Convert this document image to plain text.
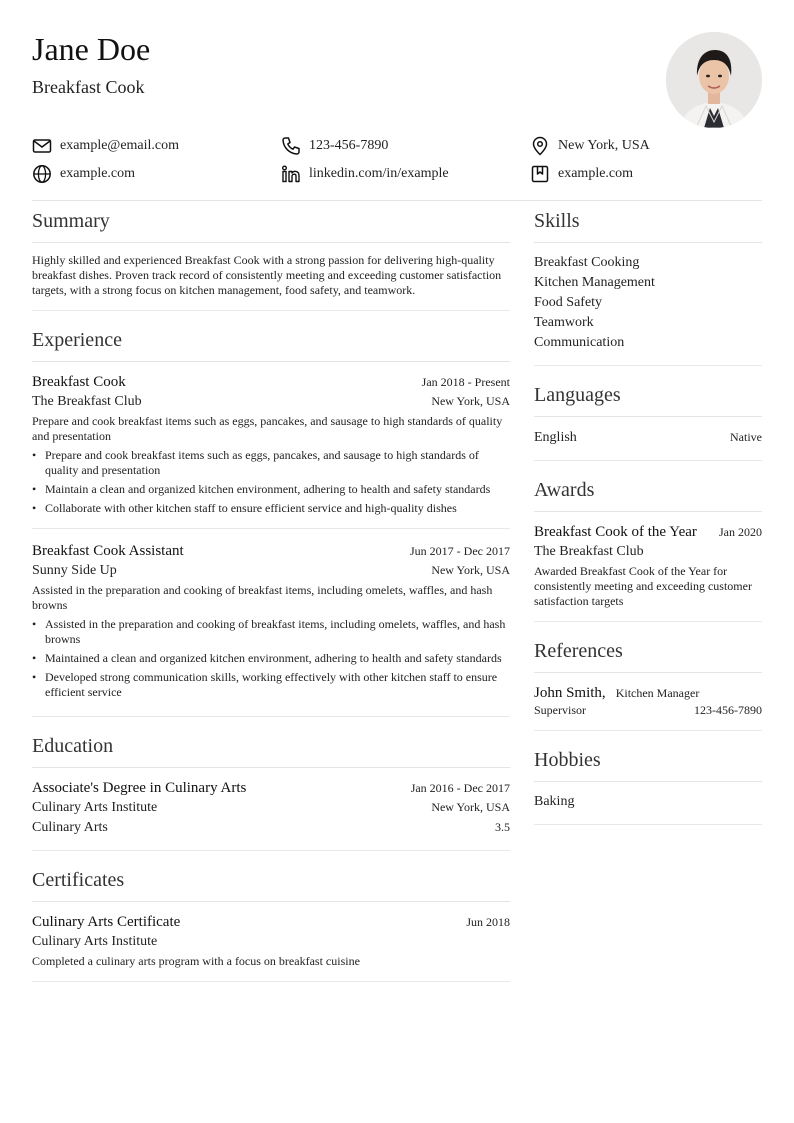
Jane Doe
Breakfast Cook
example@email.com	123-456-7890	New York, USA
example.com	linkedin.com/in/example	example.com
Summary
Highly skilled and experienced Breakfast Cook with a strong passion for delivering high-quality breakfast dishes. Proven track record of consistently meeting and exceeding customer satisfaction targets, with a strong focus on kitchen management, food safety, and teamwork.
Experience
Breakfast Cook	Jan 2018 - Present
The Breakfast Club	New York, USA
Prepare and cook breakfast items such as eggs, pancakes, and sausage to high standards of quality and presentation
• Prepare and cook breakfast items such as eggs, pancakes, and sausage to high standards of quality and presentation
• Maintain a clean and organized kitchen environment, adhering to health and safety standards
• Collaborate with other kitchen staff to ensure efficient service and high-quality dishes
Breakfast Cook Assistant	Jun 2017 - Dec 2017
Sunny Side Up	New York, USA
Assisted in the preparation and cooking of breakfast items, including omelets, waffles, and hash browns
• Assisted in the preparation and cooking of breakfast items, including omelets, waffles, and hash browns
• Maintained a clean and organized kitchen environment, adhering to health and safety standards
• Developed strong communication skills, working effectively with other kitchen staff to ensure efficient service
Education
Associate's Degree in Culinary Arts	Jan 2016 - Dec 2017
Culinary Arts Institute	New York, USA
Culinary Arts	3.5
Certificates
Culinary Arts Certificate	Jun 2018
Culinary Arts Institute
Completed a culinary arts program with a focus on breakfast cuisine
Skills
Breakfast Cooking
Kitchen Management
Food Safety
Teamwork
Communication
Languages
English	Native
Awards
Breakfast Cook of the Year Jan 2020
The Breakfast Club
Awarded Breakfast Cook of the Year for consistently meeting and exceeding customer satisfaction targets
References
John Smith, Kitchen Manager
Supervisor	123-456-7890
Hobbies
Baking
